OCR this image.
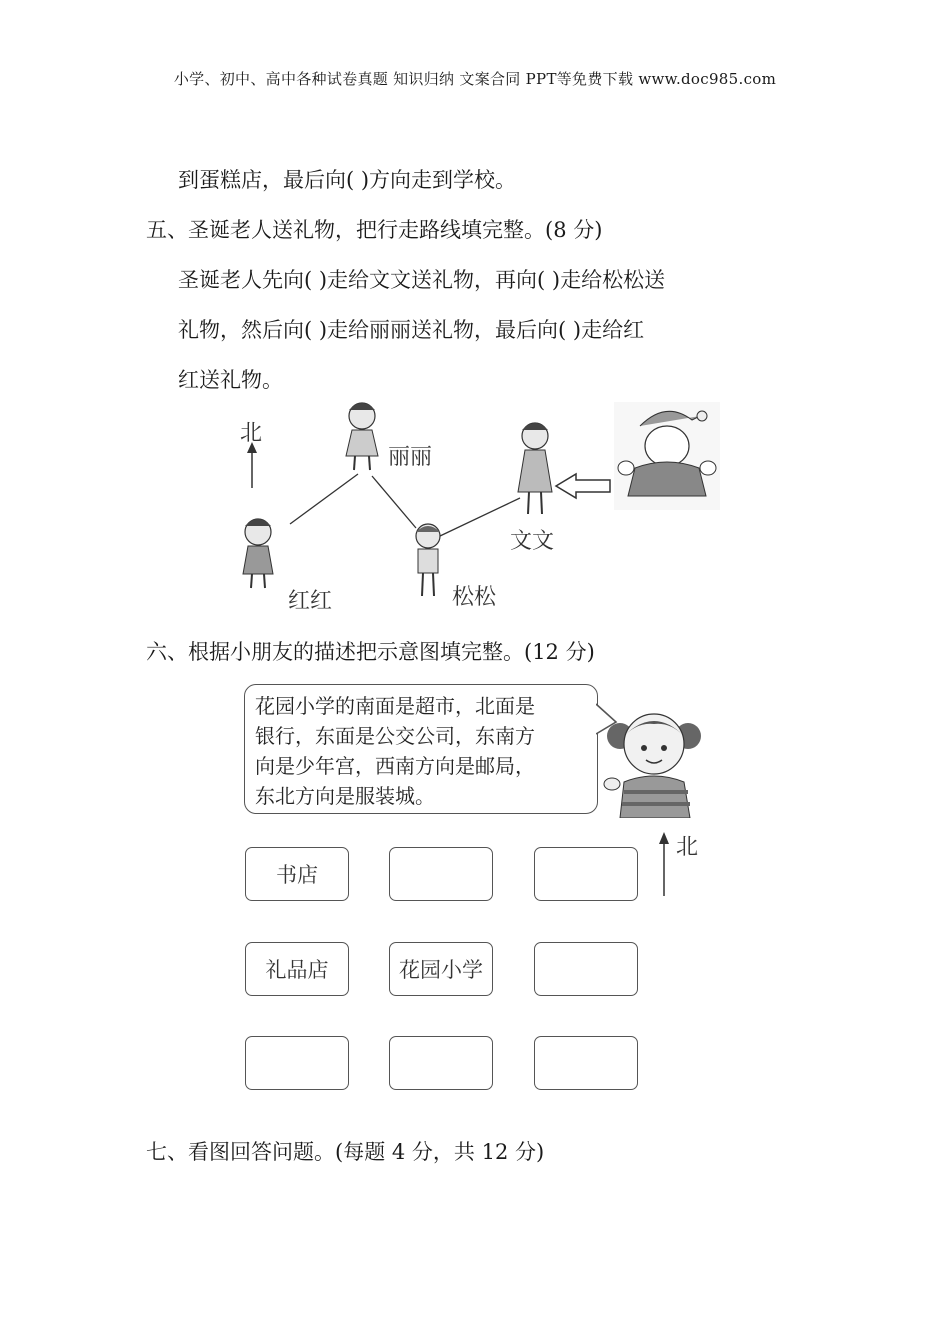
小学、初中、高中各种试卷真题 知识归纳 文案合同 PPT等免费下载 www.doc985.com
到蛋糕店，最后向( )方向走到学校。
五、圣诞老人送礼物，把行走路线填完整。(8 分)
圣诞老人先向( )走给文文送礼物，再向( )走给松松送
礼物，然后向( )走给丽丽送礼物，最后向( )走给红
红送礼物。
北
丽丽
文文
红红	松松
六、根据小朋友的描述把示意图填完整。(12 分)
花园小学的南面是超市，北面是
银行，东面是公交公司，东南方
向是少年宫，西南方向是邮局，
东北方向是服装城。
北
书店
礼品店	花园小学
七、看图回答问题。(每题 4 分，共 12 分)
